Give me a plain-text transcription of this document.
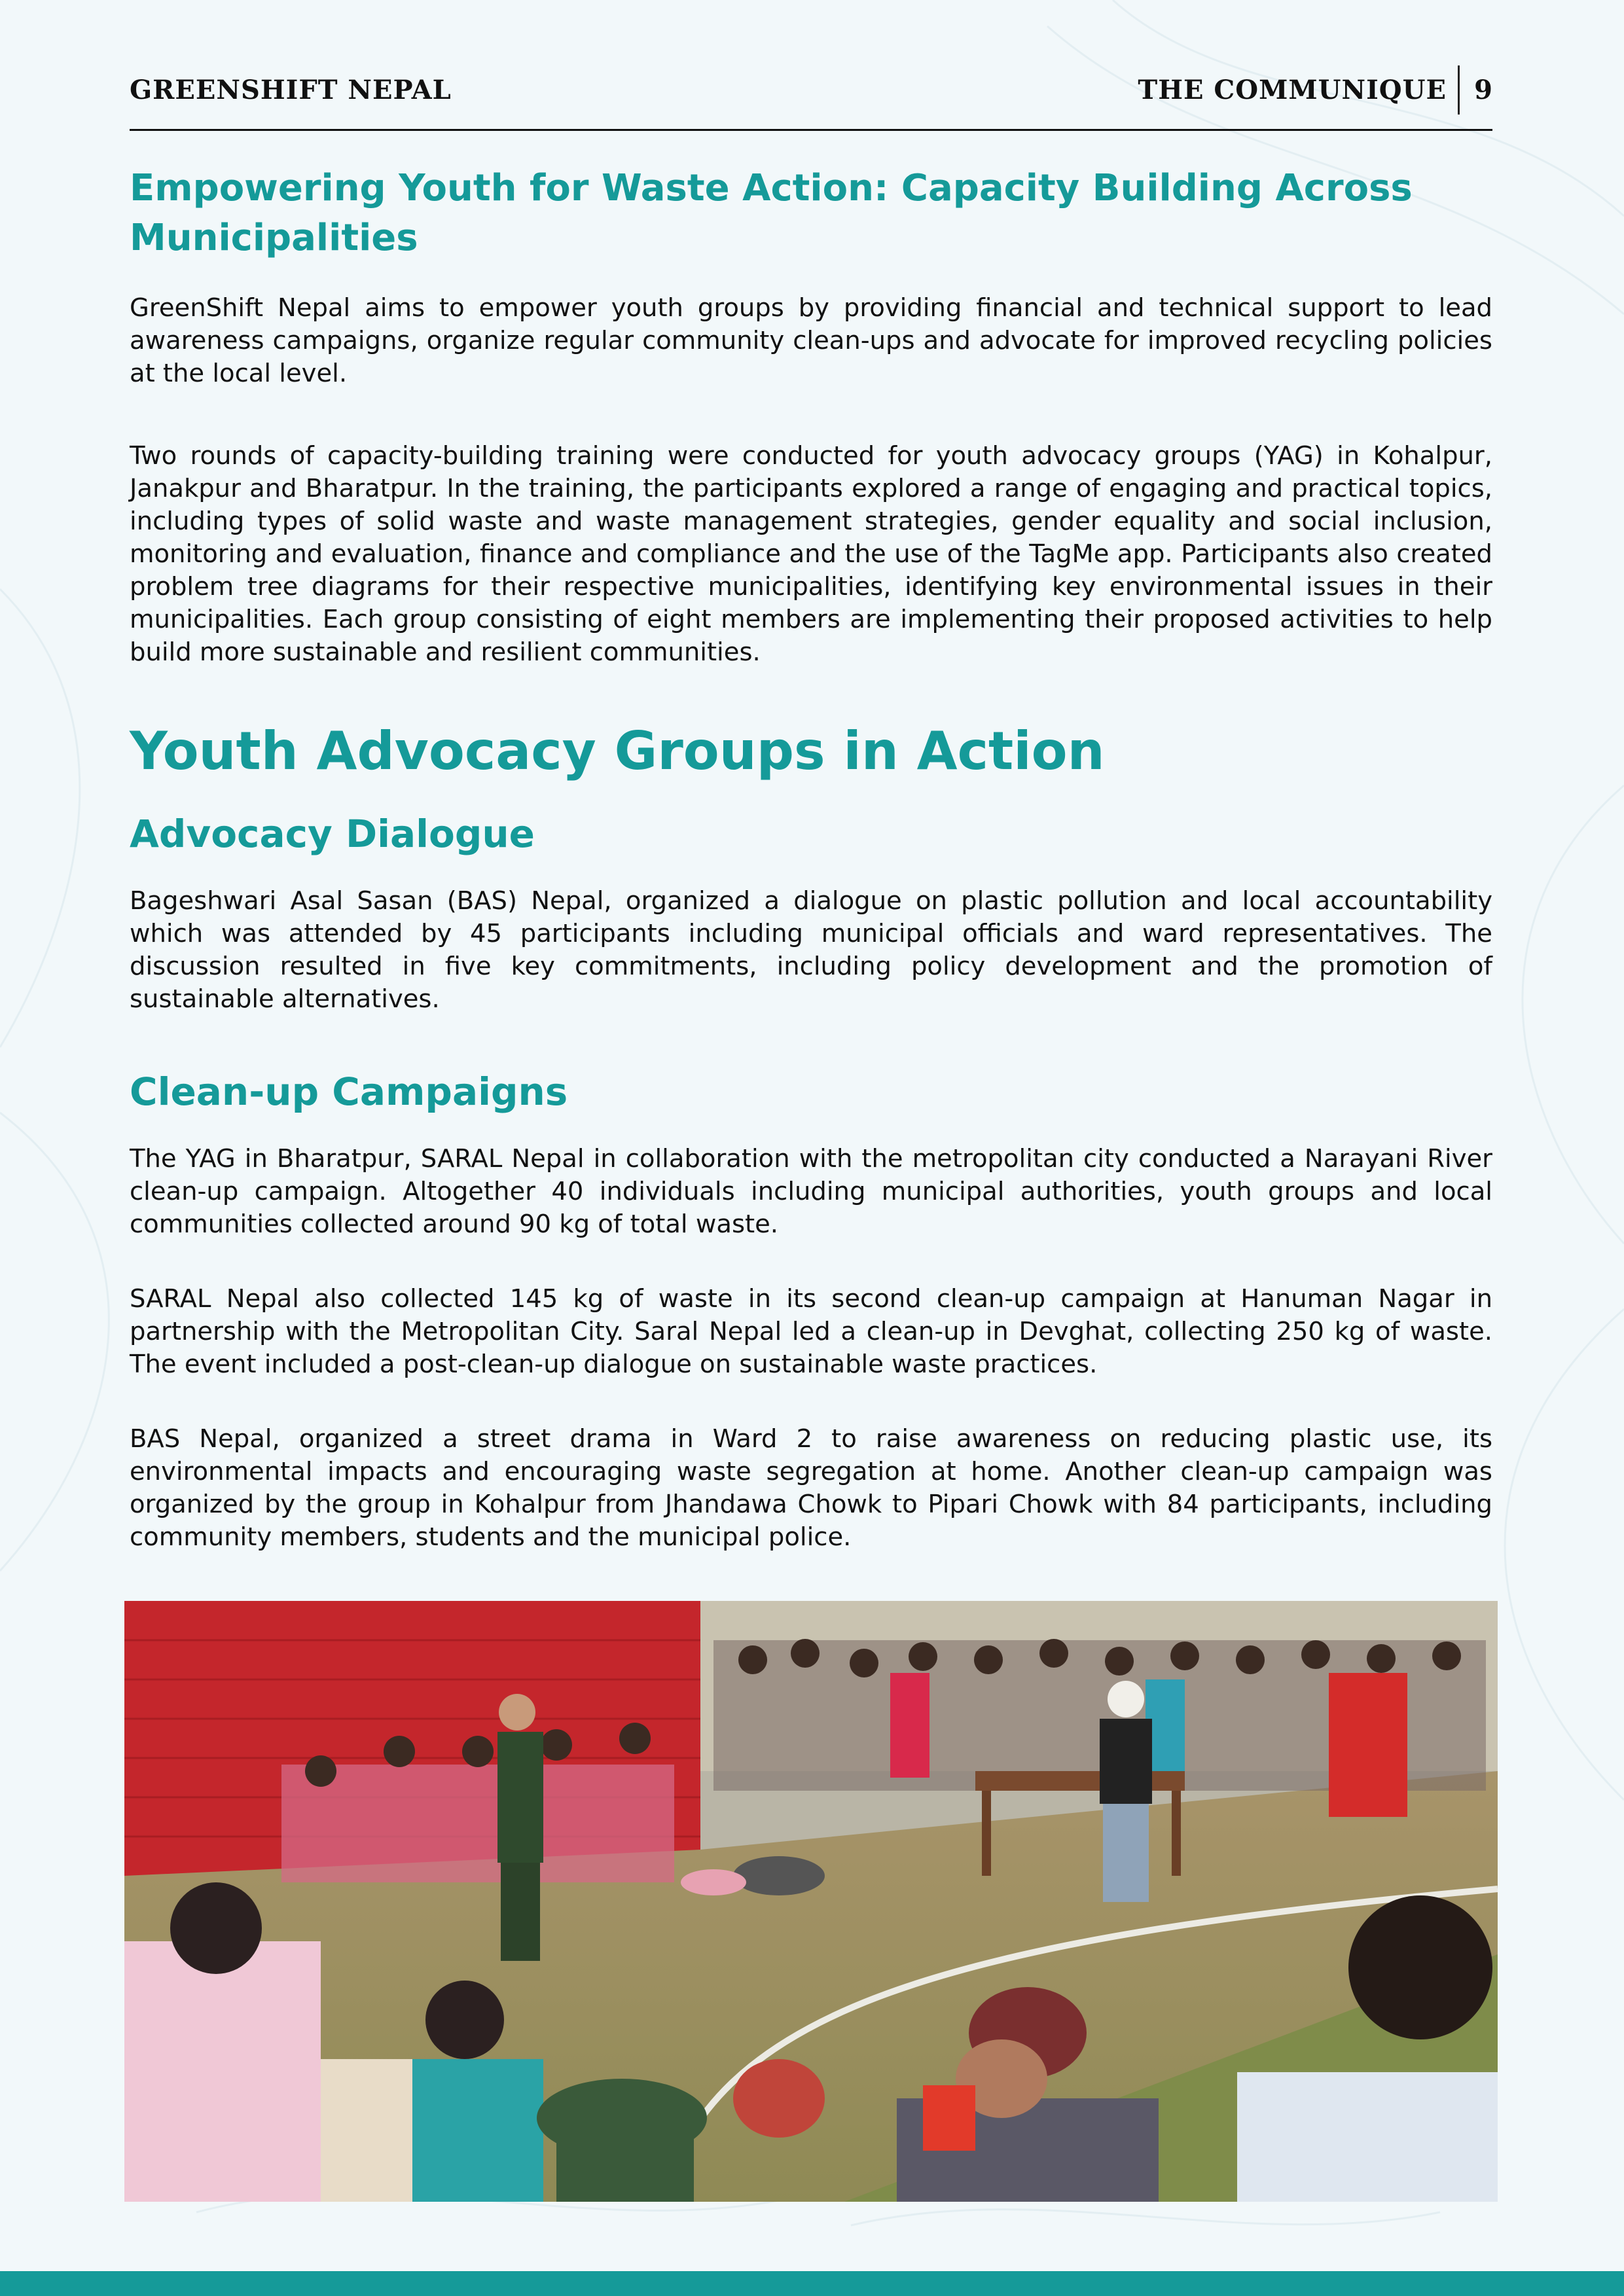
GREENSHIFT NEPAL	THE COMMUNIQUE 9
Empowering Youth for Waste Action: Capacity Building Across Municipalities

GreenShift Nepal aims to empower youth groups by providing financial and technical support to lead awareness campaigns, organize regular community clean-ups and advocate for improved recycling policies at the local level.

Two rounds of capacity-building training were conducted for youth advocacy groups (YAG) in Kohalpur, Janakpur and Bharatpur. In the training, the participants explored a range of engaging and practical topics, including types of solid waste and waste management strategies, gender equality and social inclusion, monitoring and evaluation, finance and compliance and the use of the TagMe app. Participants also created problem tree diagrams for their respective municipalities, identifying key environmental issues in their municipalities. Each group consisting of eight members are implementing their proposed activities to help build more sustainable and resilient communities.

Youth Advocacy Groups in Action
Advocacy Dialogue

Bageshwari Asal Sasan (BAS) Nepal, organized a dialogue on plastic pollution and local accountability which was attended by 45 participants including municipal officials and ward representatives. The discussion resulted in five key commitments, including policy development and the promotion of sustainable alternatives.

Clean-up Campaigns

The YAG in Bharatpur, SARAL Nepal in collaboration with the metropolitan city conducted a Narayani River clean-up campaign. Altogether 40 individuals including municipal authorities, youth groups and local communities collected around 90 kg of total waste.

SARAL Nepal also collected 145 kg of waste in its second clean-up campaign at Hanuman Nagar in partnership with the Metropolitan City. Saral Nepal led a clean-up in Devghat, collecting 250 kg of waste. The event included a post-clean-up dialogue on sustainable waste practices.

BAS Nepal, organized a street drama in Ward 2 to raise awareness on reducing plastic use, its environmental impacts and encouraging waste segregation at home. Another clean-up campaign was organized by the group in Kohalpur from Jhandawa Chowk to Pipari Chowk with 84 participants, including community members, students and the municipal police.
